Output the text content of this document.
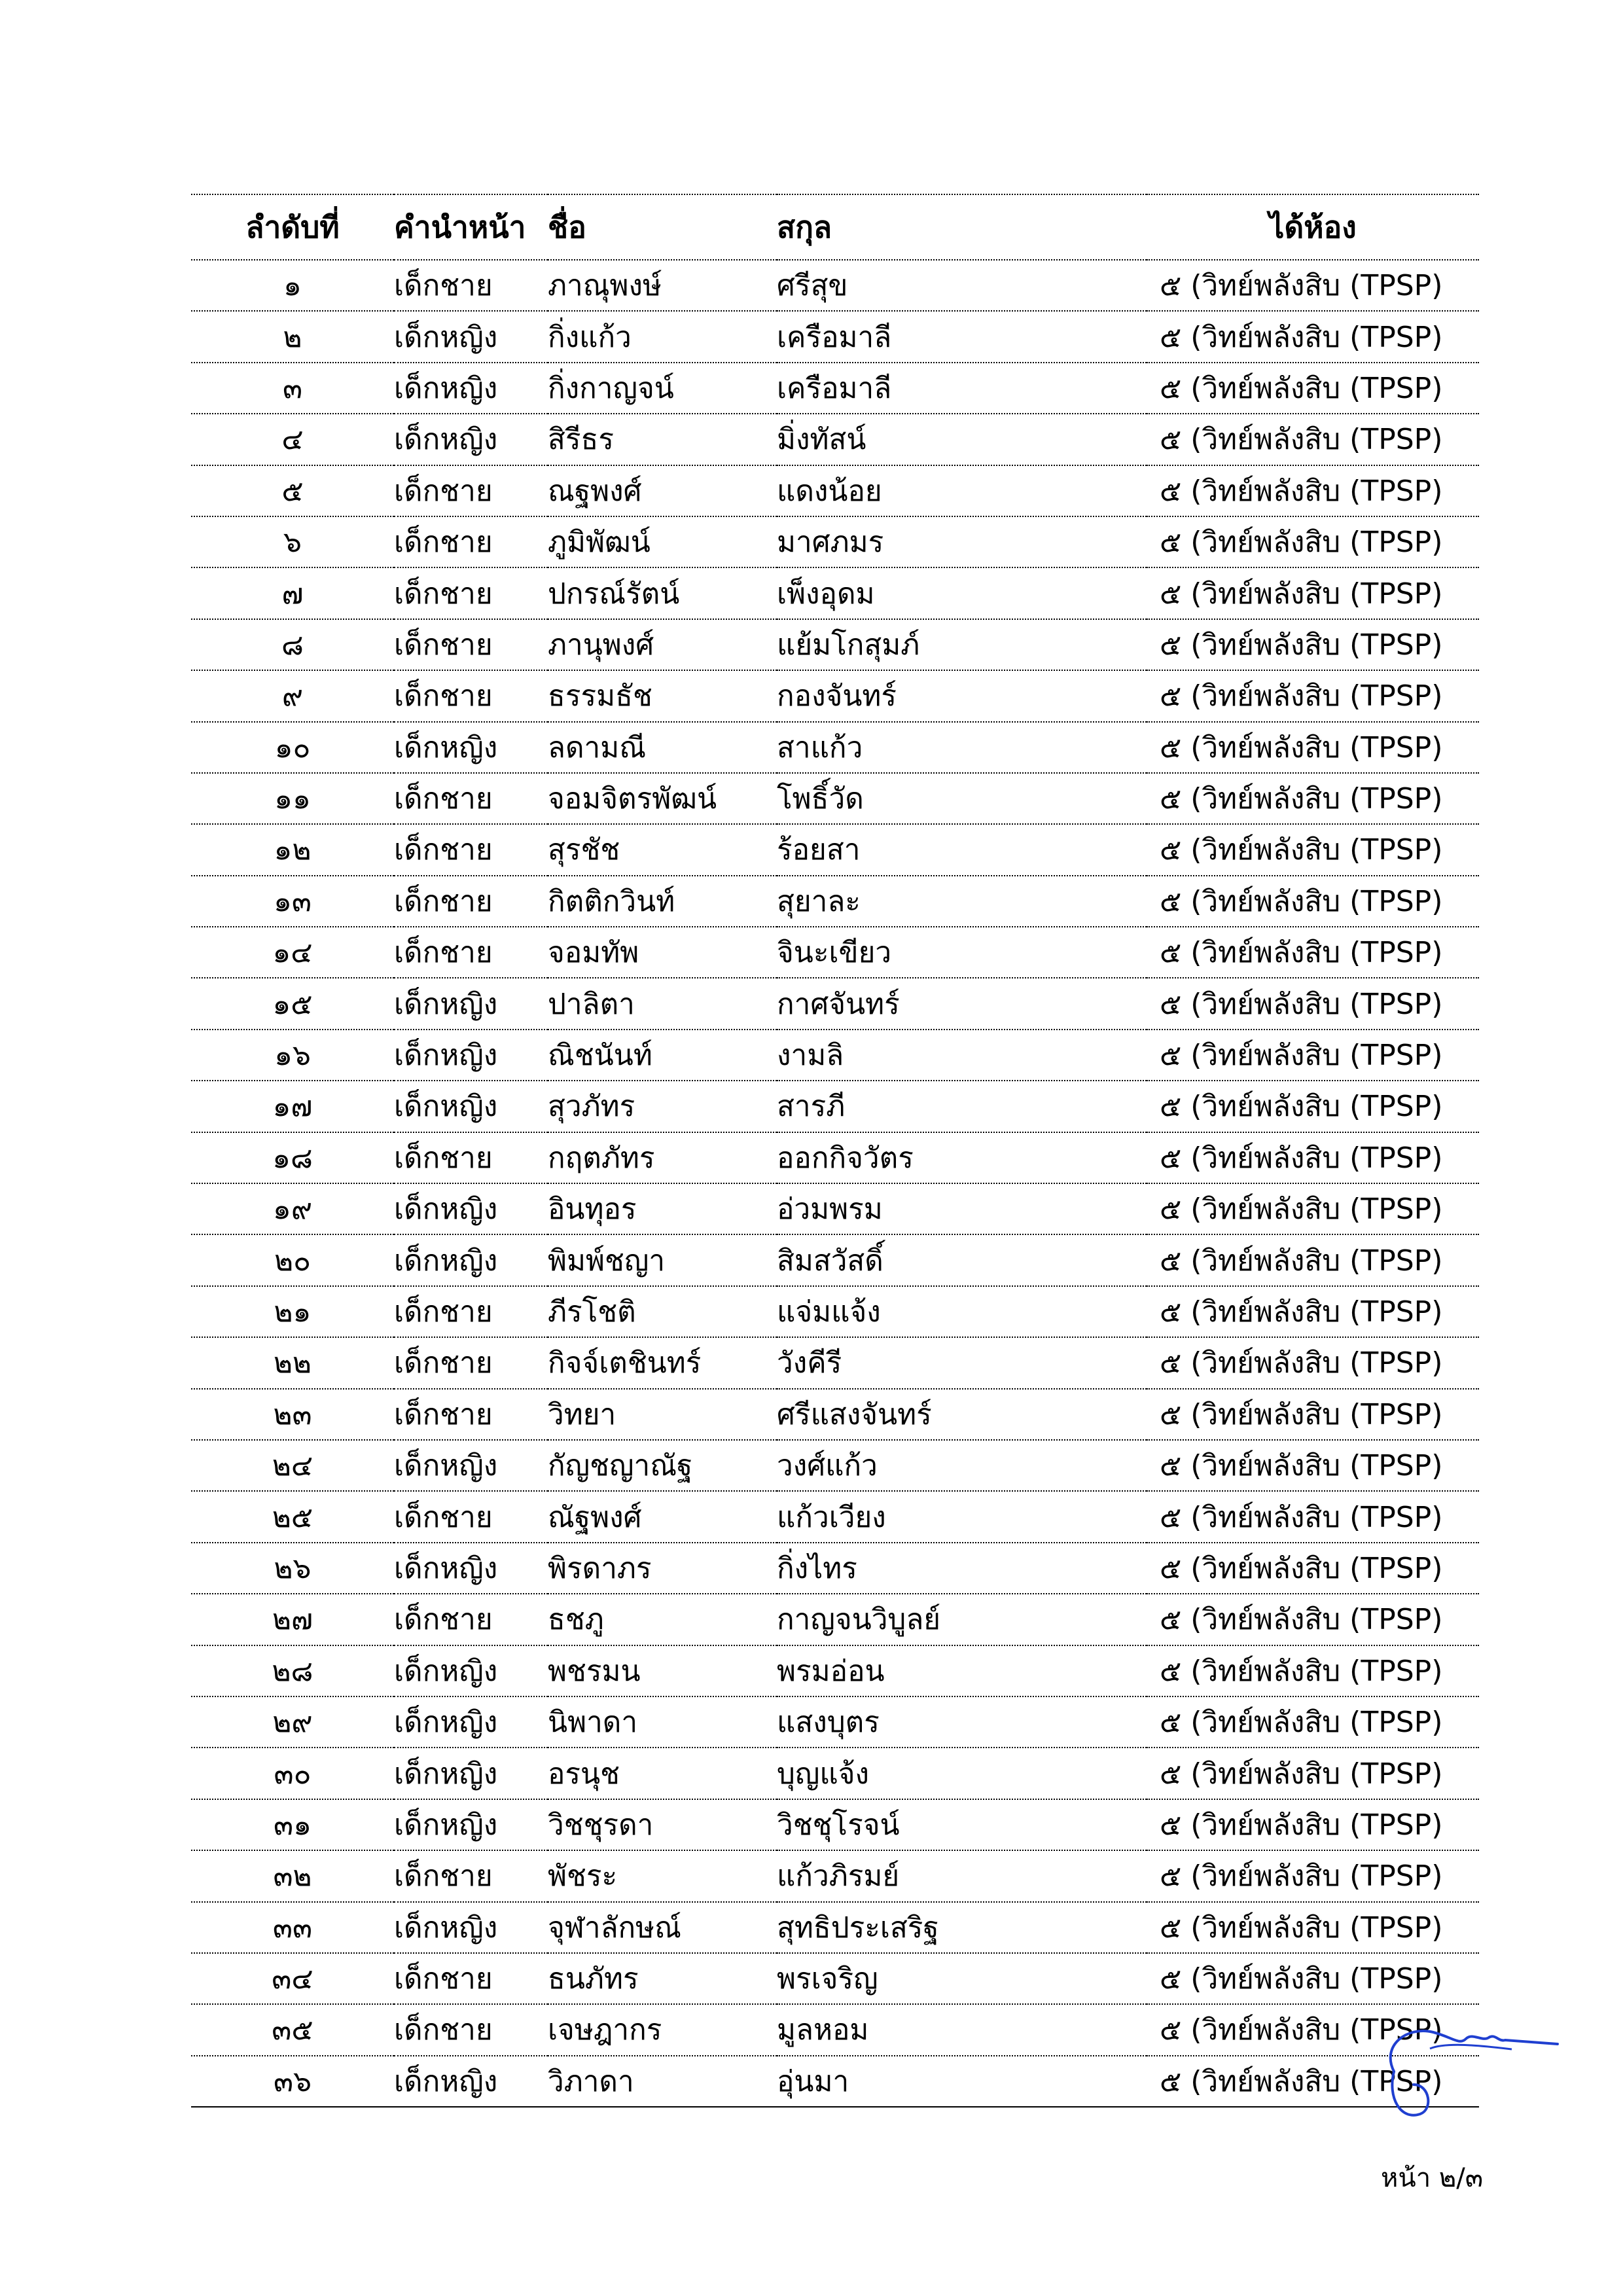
ลำดับที่	คำนำหน้า	ชื่อ	สกุล	ได้ห้อง
๑	เด็กชาย	ภาณุพงษ์	ศรีสุข	๕ (วิทย์พลังสิบ (TPSP)
๒	เด็กหญิง	กิ่งแก้ว	เครือมาลี	๕ (วิทย์พลังสิบ (TPSP)
๓	เด็กหญิง	กิ่งกาญจน์	เครือมาลี	๕ (วิทย์พลังสิบ (TPSP)
๔	เด็กหญิง	สิรีธร	มิ่งทัสน์	๕ (วิทย์พลังสิบ (TPSP)
๕	เด็กชาย	ณฐพงศ์	แดงน้อย	๕ (วิทย์พลังสิบ (TPSP)
๖	เด็กชาย	ภูมิพัฒน์	มาศภมร	๕ (วิทย์พลังสิบ (TPSP)
๗	เด็กชาย	ปกรณ์รัตน์	เพ็งอุดม	๕ (วิทย์พลังสิบ (TPSP)
๘	เด็กชาย	ภานุพงศ์	แย้มโกสุมภ์	๕ (วิทย์พลังสิบ (TPSP)
๙	เด็กชาย	ธรรมธัช	กองจันทร์	๕ (วิทย์พลังสิบ (TPSP)
๑๐	เด็กหญิง	ลดามณี	สาแก้ว	๕ (วิทย์พลังสิบ (TPSP)
๑๑	เด็กชาย	จอมจิตรพัฒน์	โพธิ์วัด	๕ (วิทย์พลังสิบ (TPSP)
๑๒	เด็กชาย	สุรชัช	ร้อยสา	๕ (วิทย์พลังสิบ (TPSP)
๑๓	เด็กชาย	กิตติกวินท์	สุยาละ	๕ (วิทย์พลังสิบ (TPSP)
๑๔	เด็กชาย	จอมทัพ	จินะเขียว	๕ (วิทย์พลังสิบ (TPSP)
๑๕	เด็กหญิง	ปาลิตา	กาศจันทร์	๕ (วิทย์พลังสิบ (TPSP)
๑๖	เด็กหญิง	ณิชนันท์	งามลิ	๕ (วิทย์พลังสิบ (TPSP)
๑๗	เด็กหญิง	สุวภัทร	สารภี	๕ (วิทย์พลังสิบ (TPSP)
๑๘	เด็กชาย	กฤตภัทร	ออกกิจวัตร	๕ (วิทย์พลังสิบ (TPSP)
๑๙	เด็กหญิง	อินทุอร	อ่วมพรม	๕ (วิทย์พลังสิบ (TPSP)
๒๐	เด็กหญิง	พิมพ์ชญา	สิมสวัสดิ์	๕ (วิทย์พลังสิบ (TPSP)
๒๑	เด็กชาย	ภีรโชติ	แจ่มแจ้ง	๕ (วิทย์พลังสิบ (TPSP)
๒๒	เด็กชาย	กิจจ์เตชินทร์	วังคีรี	๕ (วิทย์พลังสิบ (TPSP)
๒๓	เด็กชาย	วิทยา	ศรีแสงจันทร์	๕ (วิทย์พลังสิบ (TPSP)
๒๔	เด็กหญิง	กัญชญาณัฐ	วงศ์แก้ว	๕ (วิทย์พลังสิบ (TPSP)
๒๕	เด็กชาย	ณัฐพงศ์	แก้วเวียง	๕ (วิทย์พลังสิบ (TPSP)
๒๖	เด็กหญิง	พิรดาภร	กิ่งไทร	๕ (วิทย์พลังสิบ (TPSP)
๒๗	เด็กชาย	ธชภู	กาญจนวิบูลย์	๕ (วิทย์พลังสิบ (TPSP)
๒๘	เด็กหญิง	พชรมน	พรมอ่อน	๕ (วิทย์พลังสิบ (TPSP)
๒๙	เด็กหญิง	นิพาดา	แสงบุตร	๕ (วิทย์พลังสิบ (TPSP)
๓๐	เด็กหญิง	อรนุช	บุญแจ้ง	๕ (วิทย์พลังสิบ (TPSP)
๓๑	เด็กหญิง	วิชชุรดา	วิชชุโรจน์	๕ (วิทย์พลังสิบ (TPSP)
๓๒	เด็กชาย	พัชระ	แก้วภิรมย์	๕ (วิทย์พลังสิบ (TPSP)
๓๓	เด็กหญิง	จุฬาลักษณ์	สุทธิประเสริฐ	๕ (วิทย์พลังสิบ (TPSP)
๓๔	เด็กชาย	ธนภัทร	พรเจริญ	๕ (วิทย์พลังสิบ (TPSP)
๓๕	เด็กชาย	เจษฎากร	มูลหอม	๕ (วิทย์พลังสิบ (TPSP)
๓๖	เด็กหญิง	วิภาดา	อุ่นมา	๕ (วิทย์พลังสิบ (TPSP)
หน้า ๒/๓
